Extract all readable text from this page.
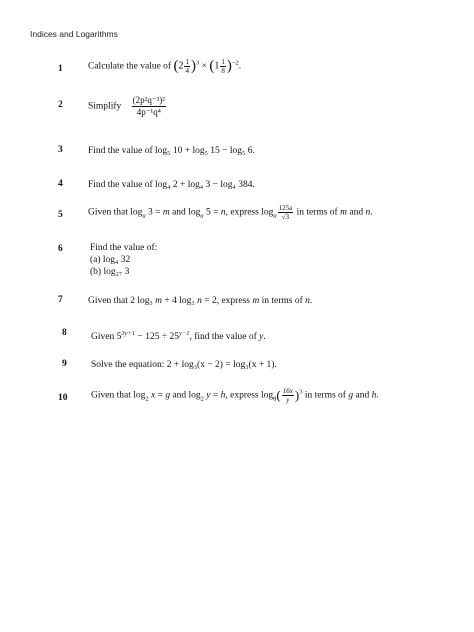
Indices and Logarithms
1	Calculate the value of $(2 \frac{1}{4} )^3 \times (1 \frac{1}{8} )^{-2}$.
2	Simplify $\frac{\text{(2p²q⁻³)²}}{\text{4p⁻¹q⁴}}$
3	Find the value of log₅ 10 + log₅ 15 − log₅ 6.
4	Find the value of log₄ 2 + log₄ 3 − log₄ 384.
5	Given that $\log_a 3 = m$ and $\log_a 5 = n$, express $\log_a \frac{125a}{√3}$ in terms of m and n.
6	Find the value of:
(a) log₄ 32
(b) log₂₇ 3
7	Given that 2 log₃ m + 4 log₃ n = 2, express m in terms of n.
8	Given $5^{3y+1} - 125 \div 25^{y-1}$, find the value of y.
9	Solve the equation: 2 + log₃(x − 2) = log₃(x + 1).
10 Given that $\log_2 x = g$ and $\log_2 y = h$, express $\log_8( \frac{16x}{y} )^3$ in terms of g and h.
